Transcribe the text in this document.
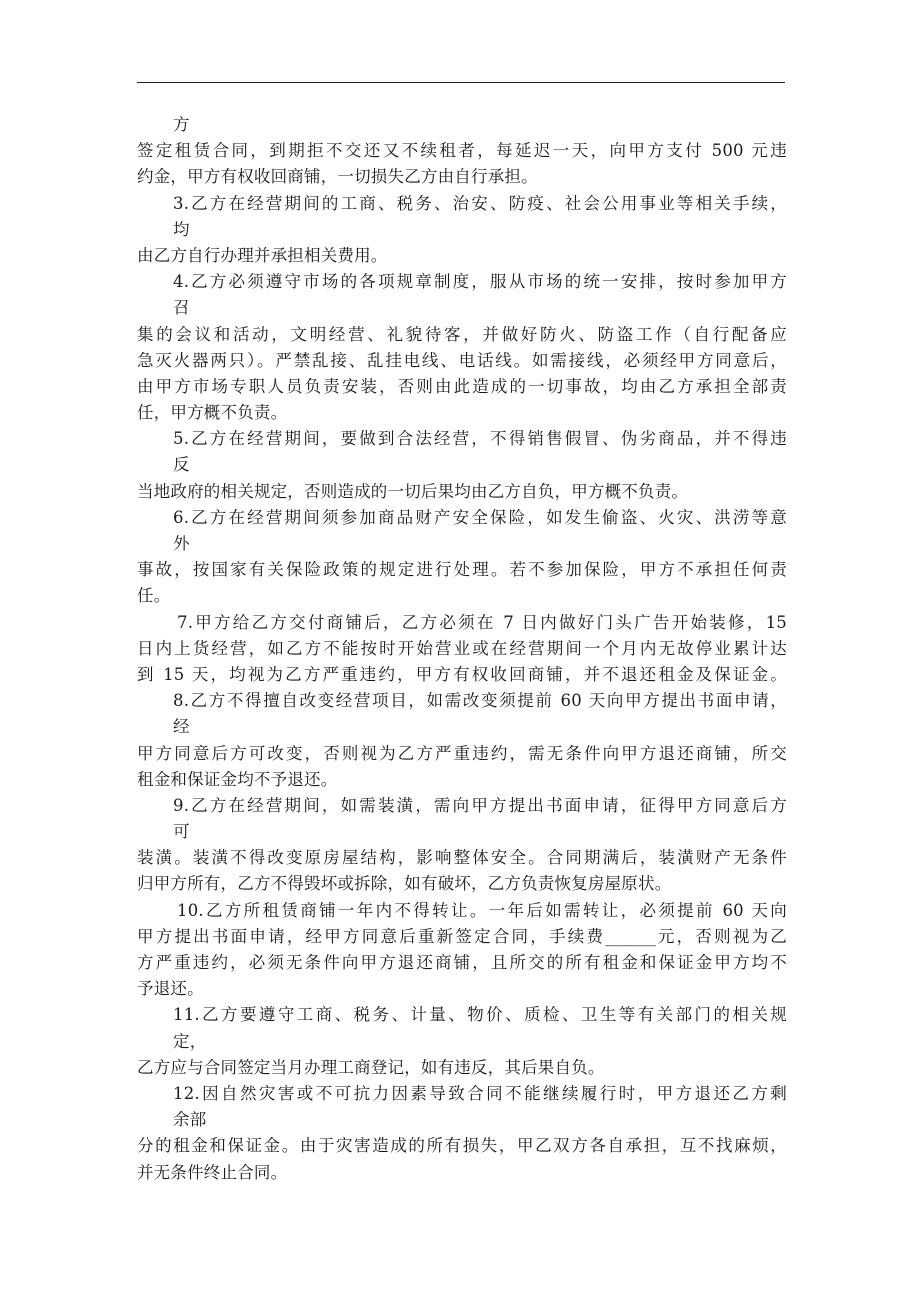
方
签定租赁合同，到期拒不交还又不续租者，每延迟一天，向甲方支付 500 元违
约金，甲方有权收回商铺，一切损失乙方由自行承担。
3.乙方在经营期间的工商、税务、治安、防疫、社会公用事业等相关手续，
均
由乙方自行办理并承担相关费用。
4.乙方必须遵守市场的各项规章制度，服从市场的统一安排，按时参加甲方
召
集的会议和活动，文明经营、礼貌待客，并做好防火、防盗工作（自行配备应
急灭火器两只）。严禁乱接、乱挂电线、电话线。如需接线，必须经甲方同意后，
由甲方市场专职人员负责安装，否则由此造成的一切事故，均由乙方承担全部责
任，甲方概不负责。
5.乙方在经营期间，要做到合法经营，不得销售假冒、伪劣商品，并不得违
反
当地政府的相关规定，否则造成的一切后果均由乙方自负，甲方概不负责。
6.乙方在经营期间须参加商品财产安全保险，如发生偷盗、火灾、洪涝等意
外
事故，按国家有关保险政策的规定进行处理。若不参加保险，甲方不承担任何责
任。
7.甲方给乙方交付商铺后，乙方必须在 7 日内做好门头广告开始装修，15
日内上货经营，如乙方不能按时开始营业或在经营期间一个月内无故停业累计达
到 15 天，均视为乙方严重违约，甲方有权收回商铺，并不退还租金及保证金。
8.乙方不得擅自改变经营项目，如需改变须提前 60 天向甲方提出书面申请，
经
甲方同意后方可改变，否则视为乙方严重违约，需无条件向甲方退还商铺，所交
租金和保证金均不予退还。
9.乙方在经营期间，如需装潢，需向甲方提出书面申请，征得甲方同意后方
可
装潢。装潢不得改变原房屋结构，影响整体安全。合同期满后，装潢财产无条件
归甲方所有，乙方不得毁坏或拆除，如有破坏，乙方负责恢复房屋原状。
10.乙方所租赁商铺一年内不得转让。一年后如需转让，必须提前 60 天向
甲方提出书面申请，经甲方同意后重新签定合同，手续费______元，否则视为乙
方严重违约，必须无条件向甲方退还商铺，且所交的所有租金和保证金甲方均不
予退还。
11.乙方要遵守工商、税务、计量、物价、质检、卫生等有关部门的相关规
定，
乙方应与合同签定当月办理工商登记，如有违反，其后果自负。
12.因自然灾害或不可抗力因素导致合同不能继续履行时，甲方退还乙方剩
余部
分的租金和保证金。由于灾害造成的所有损失，甲乙双方各自承担，互不找麻烦，
并无条件终止合同。
